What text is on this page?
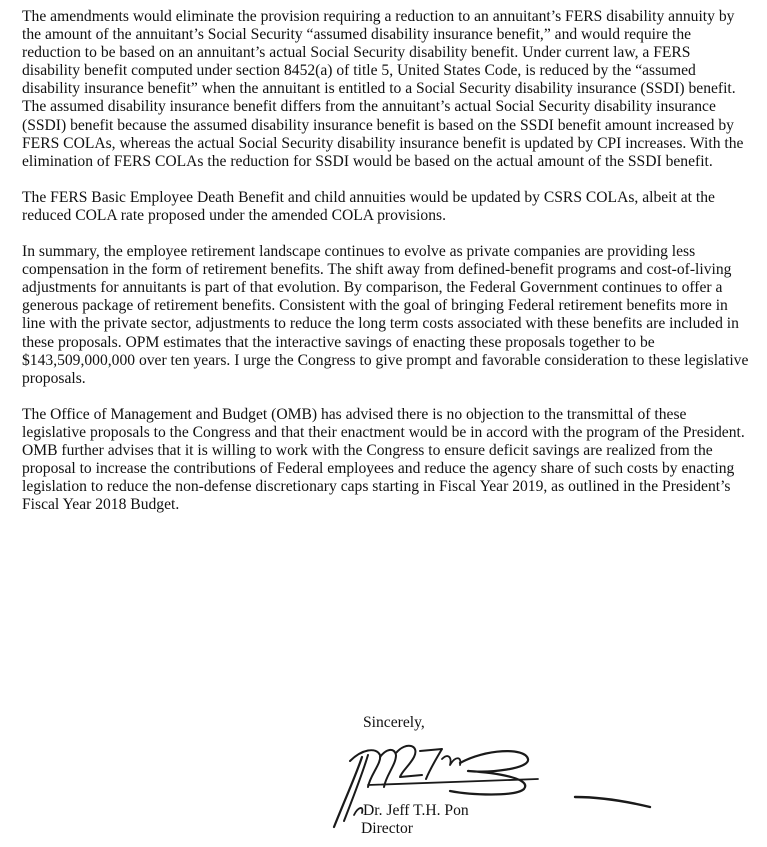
The amendments would eliminate the provision requiring a reduction to an annuitant’s FERS disability annuity by the amount of the annuitant’s Social Security “assumed disability insurance benefit,” and would require the reduction to be based on an annuitant’s actual Social Security disability benefit. Under current law, a FERS disability benefit computed under section 8452(a) of title 5, United States Code, is reduced by the “assumed disability insurance benefit” when the annuitant is entitled to a Social Security disability insurance (SSDI) benefit. The assumed disability insurance benefit differs from the annuitant’s actual Social Security disability insurance (SSDI) benefit because the assumed disability insurance benefit is based on the SSDI benefit amount increased by FERS COLAs, whereas the actual Social Security disability insurance benefit is updated by CPI increases. With the elimination of FERS COLAs the reduction for SSDI would be based on the actual amount of the SSDI benefit.

The FERS Basic Employee Death Benefit and child annuities would be updated by CSRS COLAs, albeit at the reduced COLA rate proposed under the amended COLA provisions.

In summary, the employee retirement landscape continues to evolve as private companies are providing less compensation in the form of retirement benefits. The shift away from defined-benefit programs and cost-of-living adjustments for annuitants is part of that evolution. By comparison, the Federal Government continues to offer a generous package of retirement benefits. Consistent with the goal of bringing Federal retirement benefits more in line with the private sector, adjustments to reduce the long term costs associated with these benefits are included in these proposals. OPM estimates that the interactive savings of enacting these proposals together to be $143,509,000,000 over ten years. I urge the Congress to give prompt and favorable consideration to these legislative proposals.

The Office of Management and Budget (OMB) has advised there is no objection to the transmittal of these legislative proposals to the Congress and that their enactment would be in accord with the program of the President. OMB further advises that it is willing to work with the Congress to ensure deficit savings are realized from the proposal to increase the contributions of Federal employees and reduce the agency share of such costs by enacting legislation to reduce the non-defense discretionary caps starting in Fiscal Year 2019, as outlined in the President’s Fiscal Year 2018 Budget.

Sincerely,

Dr. Jeff T.H. Pon

Director
